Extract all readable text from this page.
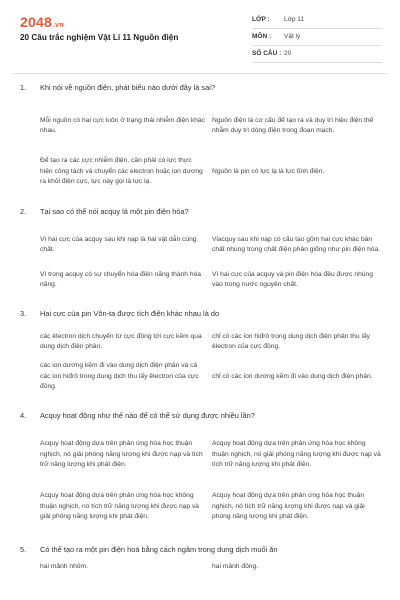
2048.vn
20 Câu trắc nghiệm Vật Lí 11 Nguồn điện
LỚP : Lớp 11
MÔN : Vật lý
SỐ CÂU : 20
1. Khi nói về nguồn điện, phát biểu nào dưới đây là sai?
Mỗi nguồn có hai cực luôn ở trạng thái nhiễm điện khác nhau.
Nguồn điện là cơ cấu để tạo ra và duy trì hiệu điện thế nhằm duy trì dòng điện trong đoạn mạch.
Để tạo ra các cực nhiễm điện, cần phải có lực thực hiện công tách và chuyển các electron hoặc ion dương ra khỏi điện cực, lực này gọi là lực lạ.
Nguồn là pin có lực lạ là lực tĩnh điện.
2. Tại sao có thể nói acquy là một pin điện hóa?
Vì hai cực của acquy sau khi nạp là hai vật dẫn cùng chất.
Viacquy sau khi nạp có cấu tạo gồm hai cực khác bản chất nhúng trong chất điện phân giống như pin điện hóa.
Vì trong acquy có sự chuyển hóa điện năng thành hóa năng.
Vì hai cực của acquy và pin điện hóa đều được nhúng vào trong nước nguyên chất.
3. Hai cực của pin Vôn-ta được tích điện khác nhau là do
các êlectron dịch chuyển từ cực đồng tới cực kẽm qua dung dịch điện phân.
chỉ có các ion hiđrô trong dung dịch điện phân thu lấy êlectron của cực đồng.
các ion dương kẽm đi vào dung dịch điện phân và cả các ion hiđrô trong dung dịch thu lấy êlectron của cực đồng.
chỉ có các ion dương kẽm đi vào dung dịch điện phân.
4. Acquy hoạt động như thế nào để có thể sử dụng được nhiều lần?
Acquy hoạt động dựa trên phản ứng hóa học thuận nghịch, nó giải phóng năng lượng khi được nạp và tích trữ năng lượng khi phát điện.
Acquy hoạt động dựa trên phản ứng hóa học không thuận nghịch, nó giải phóng năng lượng khi được nạp và tích trữ năng lượng khi phát điện.
Acquy hoạt động dựa trên phản ứng hóa học không thuận nghịch, nó tích trữ năng lượng khi được nạp và giải phóng năng lượng khi phát điện.
Acquy hoạt động dựa trên phản ứng hóa học thuận nghịch, nó tích trữ năng lượng khi được nạp và giải phóng năng lượng khi phát điện.
5. Có thể tạo ra một pin điện hoá bằng cách ngâm trong dung dịch muối ăn
hai mảnh nhôm.	hai mảnh đồng.
